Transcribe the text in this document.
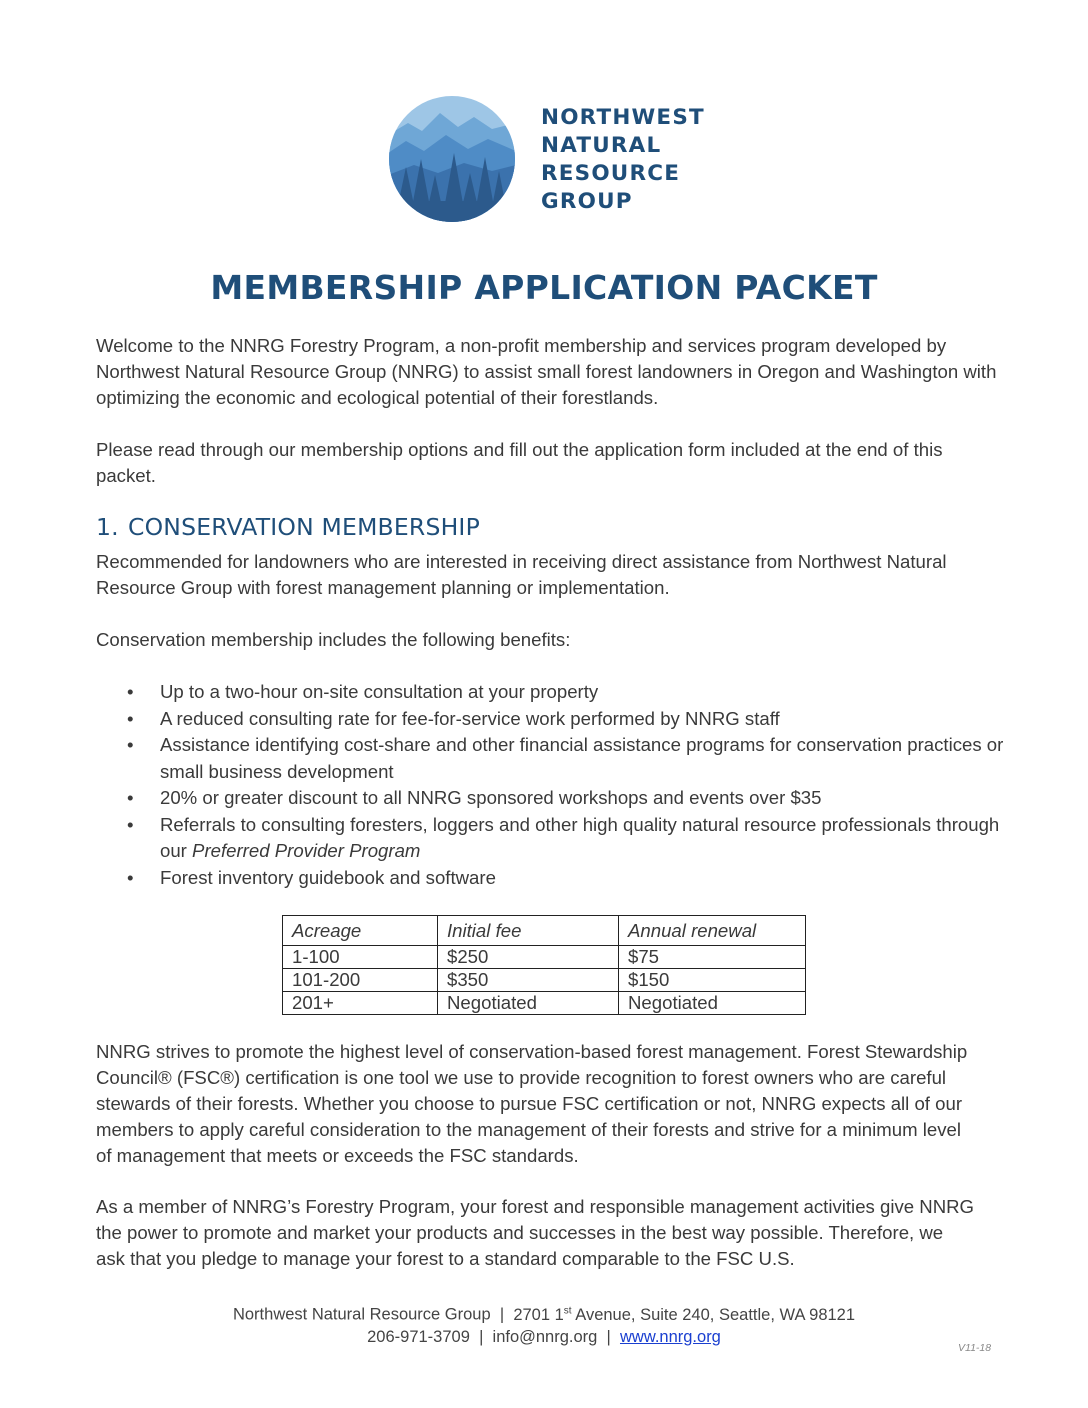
NORTHWEST
NATURAL
RESOURCE
GROUP
MEMBERSHIP APPLICATION PACKET

Welcome to the NNRG Forestry Program, a non-profit membership and services program developed by Northwest Natural Resource Group (NNRG) to assist small forest landowners in Oregon and Washington with optimizing the economic and ecological potential of their forestlands.

Please read through our membership options and fill out the application form included at the end of this packet.

1. CONSERVATION MEMBERSHIP

Recommended for landowners who are interested in receiving direct assistance from Northwest Natural Resource Group with forest management planning or implementation.

Conservation membership includes the following benefits:

• Up to a two-hour on-site consultation at your property
• A reduced consulting rate for fee-for-service work performed by NNRG staff
• Assistance identifying cost-share and other financial assistance programs for conservation practices or small business development
• 20% or greater discount to all NNRG sponsored workshops and events over $35
• Referrals to consulting foresters, loggers and other high quality natural resource professionals through our Preferred Provider Program
• Forest inventory guidebook and software
Acreage	Initial fee	Annual renewal
1-100	$250	$75
101-200	$350	$150
201+	Negotiated	Negotiated

NNRG strives to promote the highest level of conservation-based forest management. Forest Stewardship Council® (FSC®) certification is one tool we use to provide recognition to forest owners who are careful stewards of their forests. Whether you choose to pursue FSC certification or not, NNRG expects all of our members to apply careful consideration to the management of their forests and strive for a minimum level of management that meets or exceeds the FSC standards.

As a member of NNRG’s Forestry Program, your forest and responsible management activities give NNRG the power to promote and market your products and successes in the best way possible. Therefore, we ask that you pledge to manage your forest to a standard comparable to the FSC U.S.

Northwest Natural Resource Group | 2701 1st Avenue, Suite 240, Seattle, WA 98121
206-971-3709 | info@nnrg.org | www.nnrg.org
V11-18
